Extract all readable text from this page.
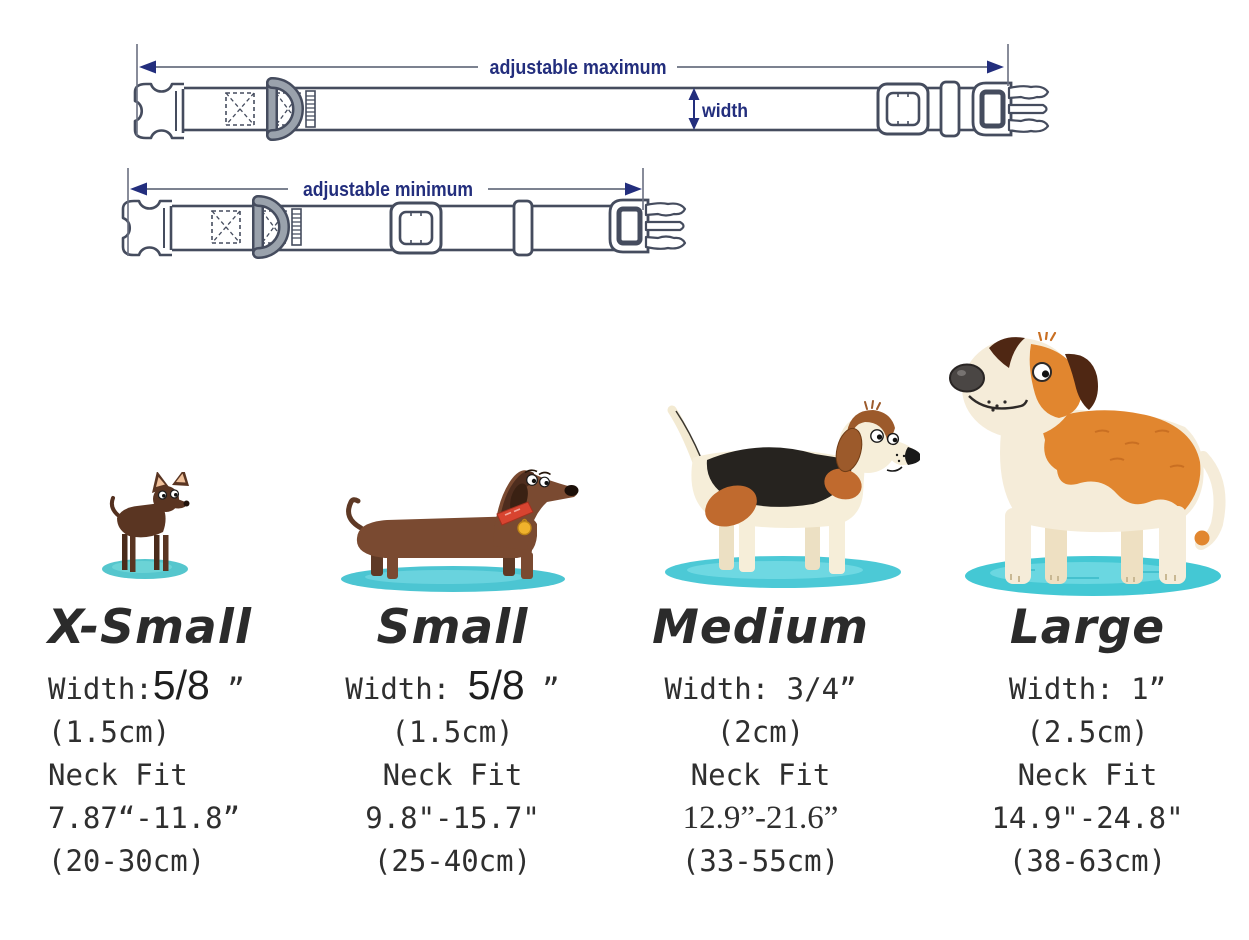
adjustable maximum
width
adjustable minimum
X-Small
Width:5/8 ”
(1.5cm)
Neck Fit
7.87“-11.8”
(20-30cm)
Small
Width: 5/8 ”
(1.5cm)
Neck Fit
9.8"-15.7"
(25-40cm)
Medium
Width: 3/4”
(2cm)
Neck Fit
12.9”-21.6”
(33-55cm)
Large
Width: 1”
(2.5cm)
Neck Fit
14.9"-24.8"
(38-63cm)
